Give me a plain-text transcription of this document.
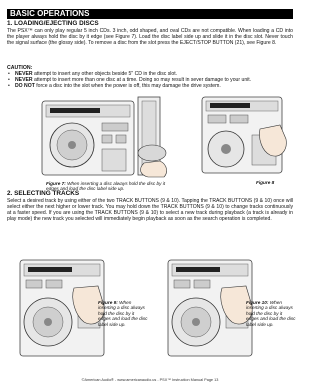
BASIC OPERATIONS
1. LOADING/EJECTING DISCS
The PSX™ can only play regular 5 inch CDs. 3 inch, odd shaped, and oval CDs are not compatible. When loading a CD into the player always hold the disc by it edge (see Figure 7). Load the disc label side up and slide it in the disc slot. Never touch the signal surface (the glossy side). To remove a disc from the slot press the EJECT/STOP BUTTON (21), see Figure 8.
CAUTION:
• NEVER attempt to insert any other objects beside 5" CD in the disc slot.
• NEVER attempt to insert more than one disc at a time. Doing so may result in sever damage to your unit.
• DO NOT force a disc into the slot when the power is off, this may damage the drive system.
Figure 7: When inserting a disc always hold the disc by it edges and load the disc label side up.
Figure 8
2. SELECTING TRACKS
Select a desired track by using either of the two TRACK BUTTONS (9 & 10). Tapping the TRACK BUTTONS (9 & 10) once will select either the next higher or lower track. You may hold down the TRACK BUTTONS (9 & 10) to change tracks continuously at a faster speed. If you are using the TRACK BUTTONS (9 & 10) to select a new track during playback (a track is already in play mode) the new track you selected will immediately begin playback as soon as the search operation is completed.
Figure 9: When inserting a disc always hold the disc by it edges and load the disc label side up.
Figure 10: When inserting a disc always hold the disc by it edges and load the disc label side up.
©American Audio® - www.americanaudio.us - PSX™ Instruction Manual Page 13
